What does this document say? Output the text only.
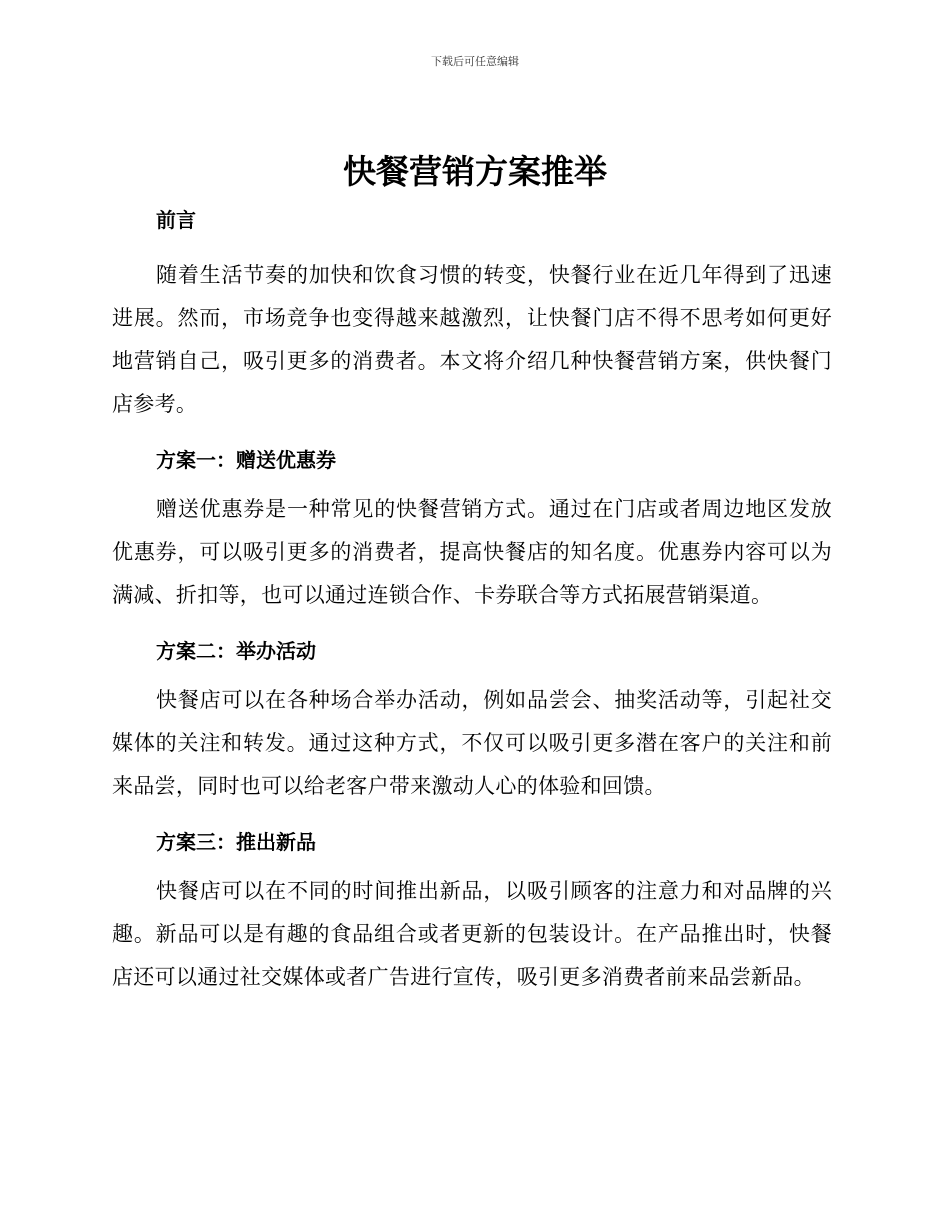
下载后可任意编辑
快餐营销方案推举
前言

随着生活节奏的加快和饮食习惯的转变，快餐行业在近几年得到了迅速进展。然而，市场竞争也变得越来越激烈，让快餐门店不得不思考如何更好地营销自己，吸引更多的消费者。本文将介绍几种快餐营销方案，供快餐门店参考。

方案一：赠送优惠券

赠送优惠券是一种常见的快餐营销方式。通过在门店或者周边地区发放优惠券，可以吸引更多的消费者，提高快餐店的知名度。优惠券内容可以为满减、折扣等，也可以通过连锁合作、卡券联合等方式拓展营销渠道。

方案二：举办活动

快餐店可以在各种场合举办活动，例如品尝会、抽奖活动等，引起社交媒体的关注和转发。通过这种方式，不仅可以吸引更多潜在客户的关注和前来品尝，同时也可以给老客户带来激动人心的体验和回馈。

方案三：推出新品

快餐店可以在不同的时间推出新品，以吸引顾客的注意力和对品牌的兴趣。新品可以是有趣的食品组合或者更新的包装设计。在产品推出时，快餐店还可以通过社交媒体或者广告进行宣传，吸引更多消费者前来品尝新品。
